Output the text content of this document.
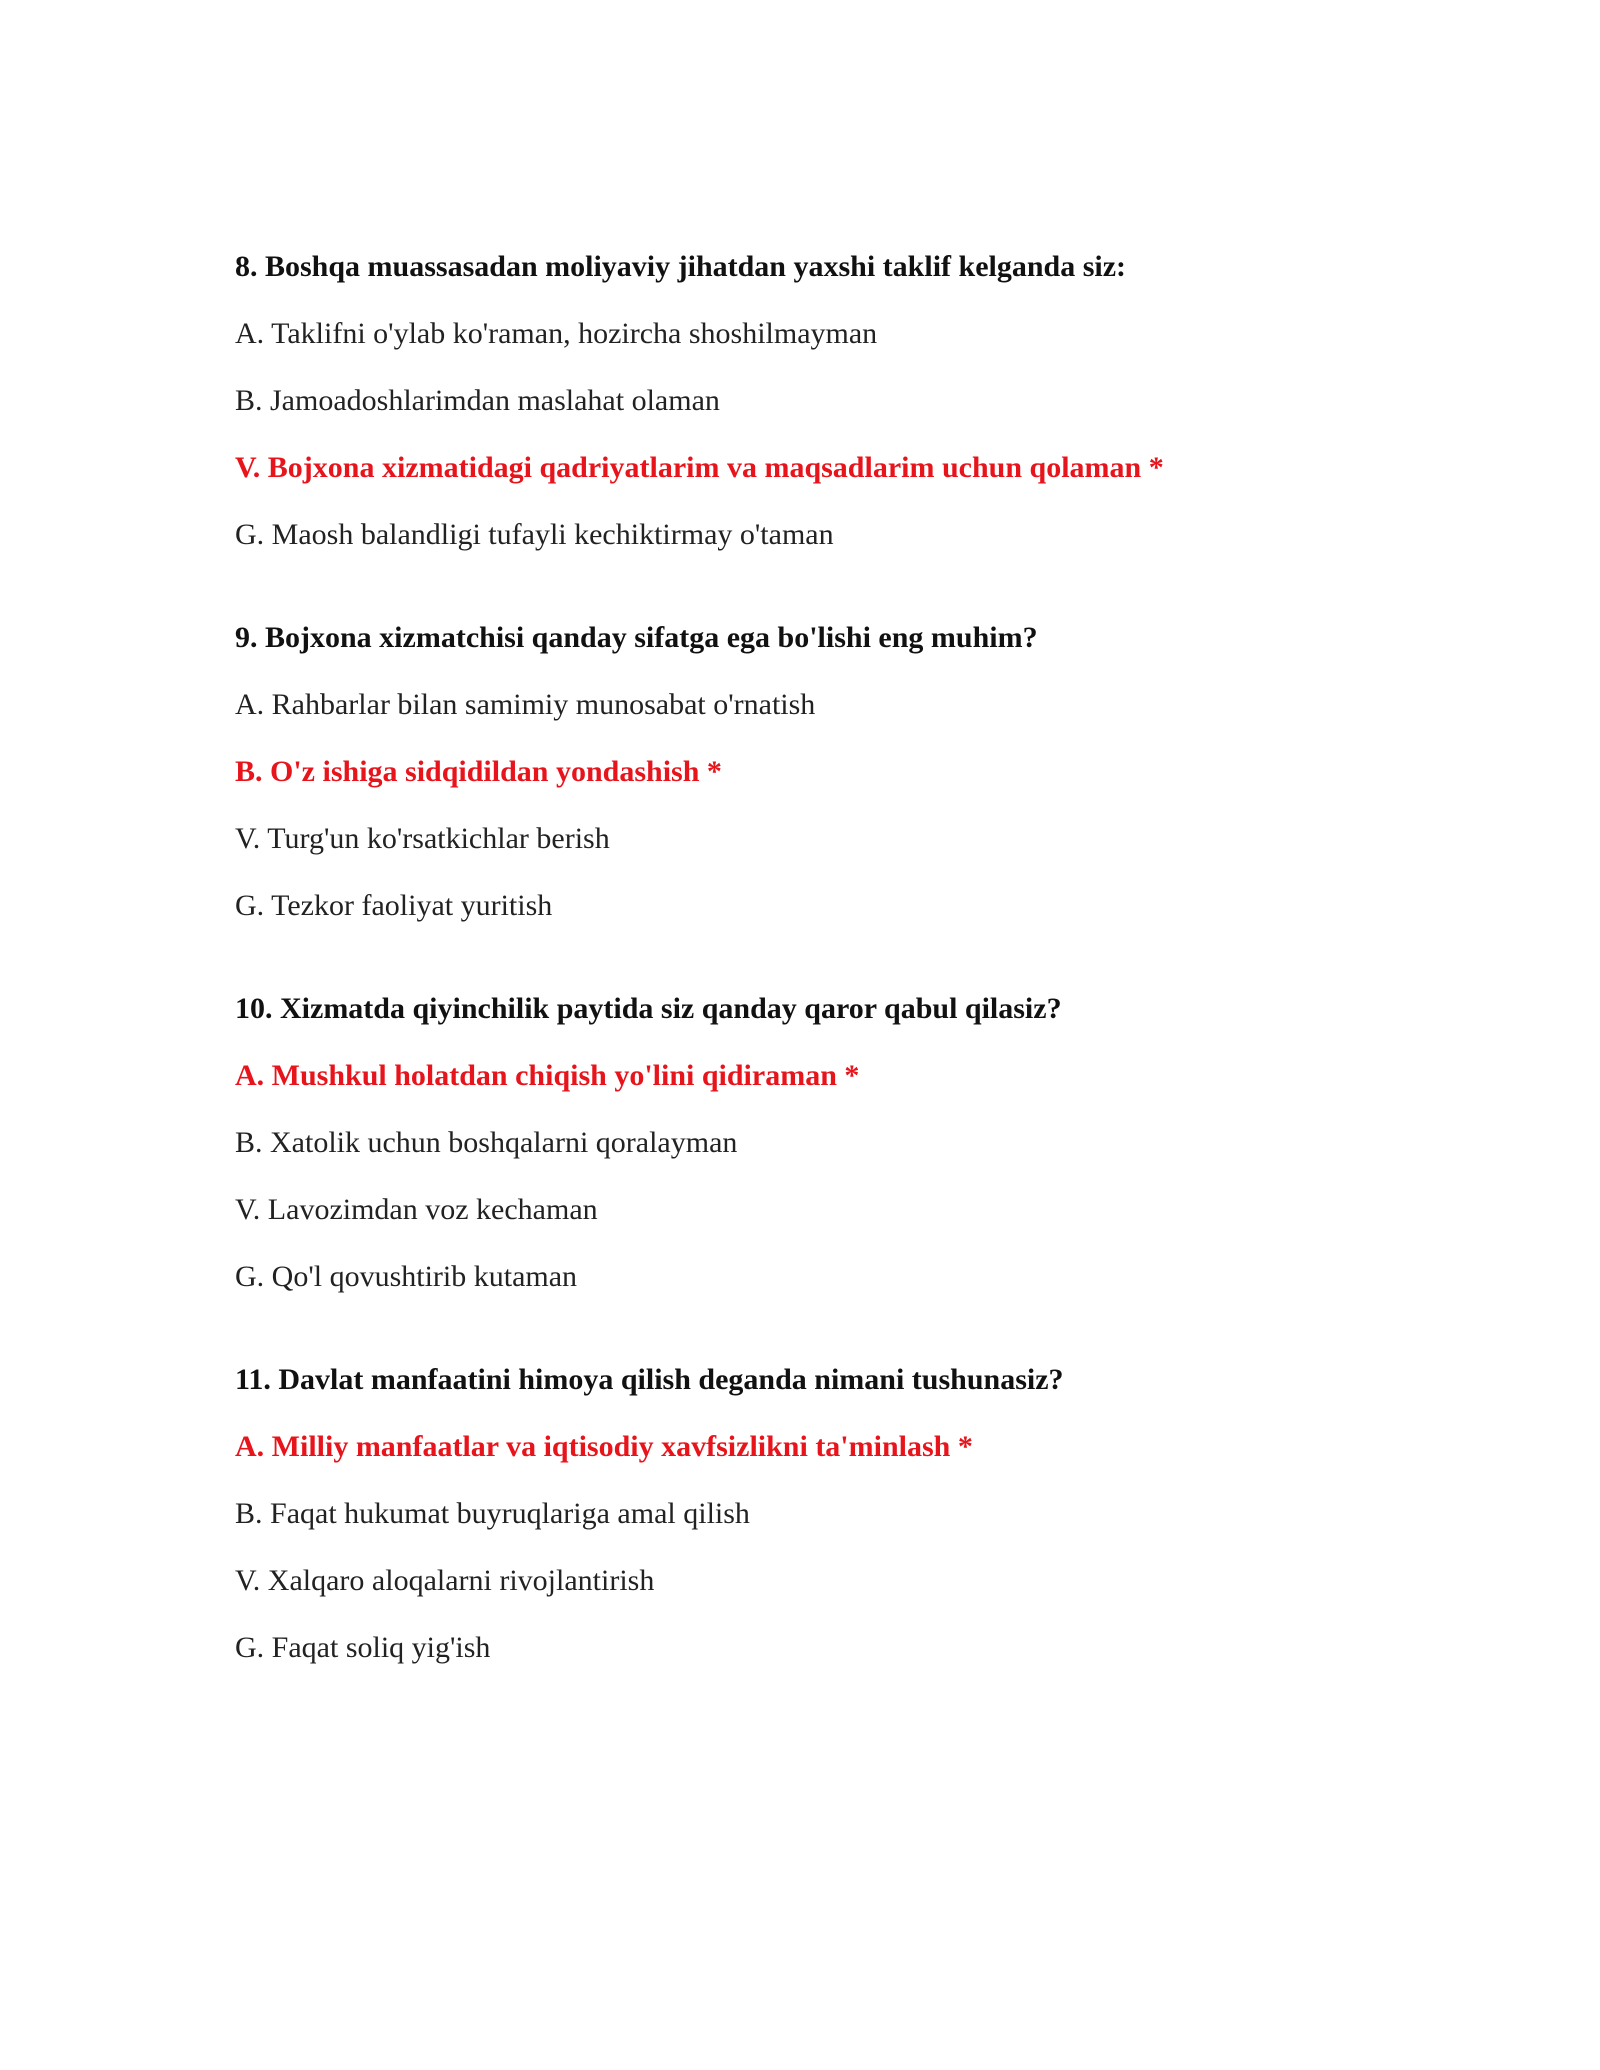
8. Boshqa muassasadan moliyaviy jihatdan yaxshi taklif kelganda siz:
A. Taklifni o'ylab ko'raman, hozircha shoshilmayman
B. Jamoadoshlarimdan maslahat olaman
V. Bojxona xizmatidagi qadriyatlarim va maqsadlarim uchun qolaman *
G. Maosh balandligi tufayli kechiktirmay o'taman
9. Bojxona xizmatchisi qanday sifatga ega bo'lishi eng muhim?
A. Rahbarlar bilan samimiy munosabat o'rnatish
B. O'z ishiga sidqidildan yondashish *
V. Turg'un ko'rsatkichlar berish
G. Tezkor faoliyat yuritish
10. Xizmatda qiyinchilik paytida siz qanday qaror qabul qilasiz?
A. Mushkul holatdan chiqish yo'lini qidiraman *
B. Xatolik uchun boshqalarni qoralayman
V. Lavozimdan voz kechaman
G. Qo'l qovushtirib kutaman
11. Davlat manfaatini himoya qilish deganda nimani tushunasiz?
A. Milliy manfaatlar va iqtisodiy xavfsizlikni ta'minlash *
B. Faqat hukumat buyruqlariga amal qilish
V. Xalqaro aloqalarni rivojlantirish
G. Faqat soliq yig'ish
